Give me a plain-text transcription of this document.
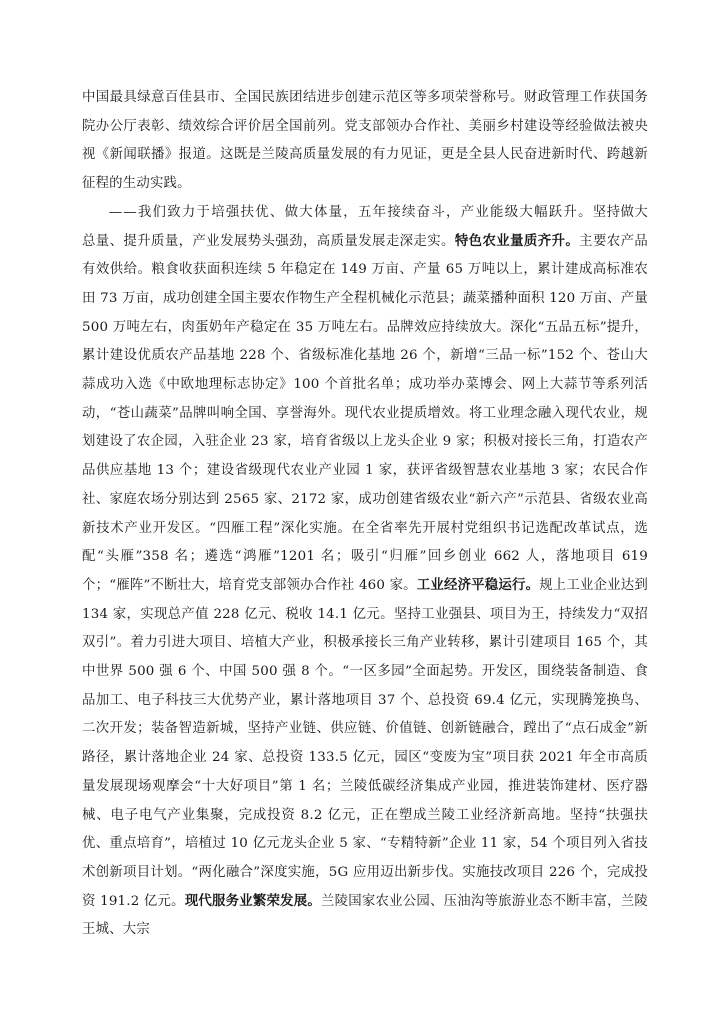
中国最具绿意百佳县市、全国民族团结进步创建示范区等多项荣誉称号。财政管理工作获国务院办公厅表彰、绩效综合评价居全国前列。党支部领办合作社、美丽乡村建设等经验做法被央视《新闻联播》报道。这既是兰陵高质量发展的有力见证，更是全县人民奋进新时代、跨越新征程的生动实践。

——我们致力于培强扶优、做大体量，五年接续奋斗，产业能级大幅跃升。坚持做大总量、提升质量，产业发展势头强劲，高质量发展走深走实。特色农业量质齐升。主要农产品有效供给。粮食收获面积连续 5 年稳定在 149 万亩、产量 65 万吨以上，累计建成高标准农田 73 万亩，成功创建全国主要农作物生产全程机械化示范县；蔬菜播种面积 120 万亩、产量 500 万吨左右，肉蛋奶年产稳定在 35 万吨左右。品牌效应持续放大。深化“五品五标”提升，累计建设优质农产品基地 228 个、省级标准化基地 26 个，新增“三品一标”152 个、苍山大蒜成功入选《中欧地理标志协定》100 个首批名单；成功举办菜博会、网上大蒜节等系列活动，“苍山蔬菜”品牌叫响全国、享誉海外。现代农业提质增效。将工业理念融入现代农业，规划建设了农企园，入驻企业 23 家，培育省级以上龙头企业 9 家；积极对接长三角，打造农产品供应基地 13 个；建设省级现代农业产业园 1 家，获评省级智慧农业基地 3 家；农民合作社、家庭农场分别达到 2565 家、2172 家，成功创建省级农业“新六产”示范县、省级农业高新技术产业开发区。“四雁工程”深化实施。在全省率先开展村党组织书记选配改革试点，选配“头雁”358 名；遴选“鸿雁”1201 名；吸引“归雁”回乡创业 662 人，落地项目 619 个；“雁阵”不断壮大，培育党支部领办合作社 460 家。工业经济平稳运行。规上工业企业达到 134 家，实现总产值 228 亿元、税收 14.1 亿元。坚持工业强县、项目为王，持续发力“双招双引”。着力引进大项目、培植大产业，积极承接长三角产业转移，累计引建项目 165 个，其中世界 500 强 6 个、中国 500 强 8 个。“一区多园”全面起势。开发区，围绕装备制造、食品加工、电子科技三大优势产业，累计落地项目 37 个、总投资 69.4 亿元，实现腾笼换鸟、二次开发；装备智造新城，坚持产业链、供应链、价值链、创新链融合，蹚出了“点石成金”新路径，累计落地企业 24 家、总投资 133.5 亿元，园区“变废为宝”项目获 2021 年全市高质量发展现场观摩会“十大好项目”第 1 名；兰陵低碳经济集成产业园，推进装饰建材、医疗器械、电子电气产业集聚，完成投资 8.2 亿元，正在塑成兰陵工业经济新高地。坚持“扶强扶优、重点培育”，培植过 10 亿元龙头企业 5 家、“专精特新”企业 11 家，54 个项目列入省技术创新项目计划。“两化融合”深度实施，5G 应用迈出新步伐。实施技改项目 226 个，完成投资 191.2 亿元。现代服务业繁荣发展。兰陵国家农业公园、压油沟等旅游业态不断丰富，兰陵王城、大宗
